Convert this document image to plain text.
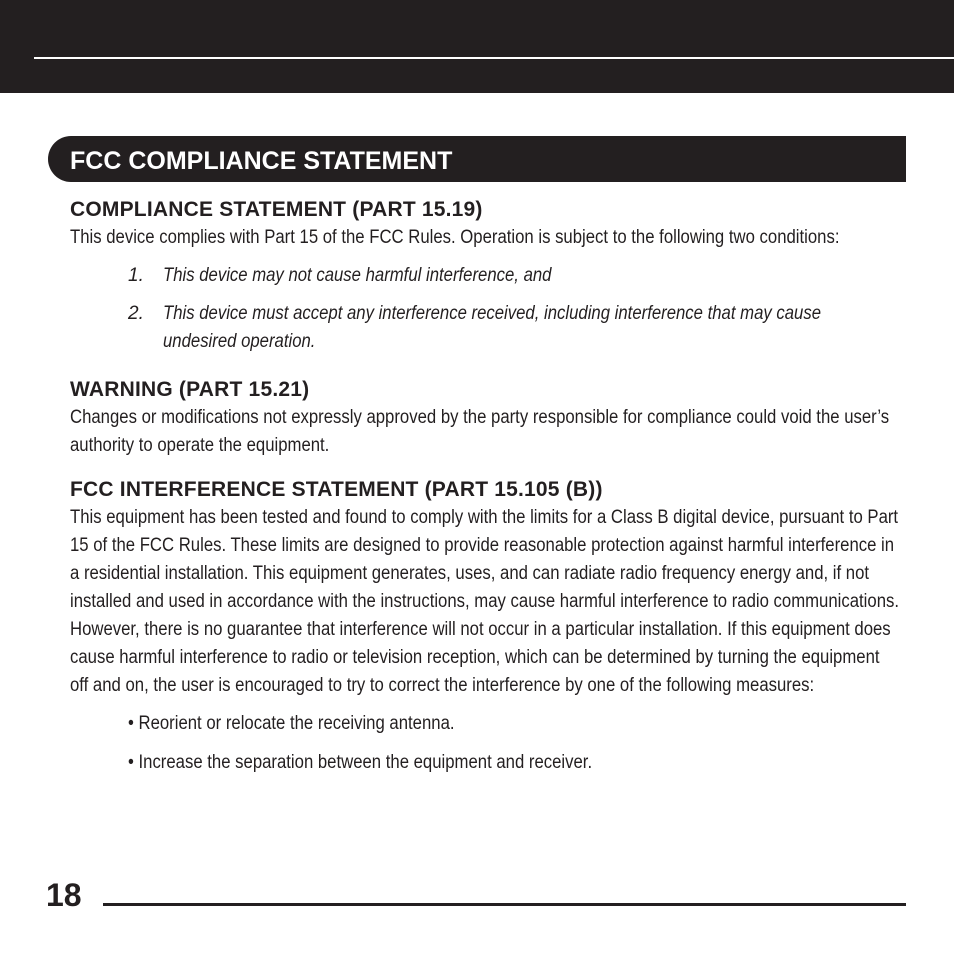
FCC COMPLIANCE STATEMENT
COMPLIANCE STATEMENT (PART 15.19)

This device complies with Part 15 of the FCC Rules. Operation is subject to the following two conditions:

1. This device may not cause harmful interference, and
2. This device must accept any interference received, including interference that may cause undesired operation.
WARNING (PART 15.21)

Changes or modifications not expressly approved by the party responsible for compliance could void the user’s authority to operate the equipment.

FCC INTERFERENCE STATEMENT (PART 15.105 (B))

This equipment has been tested and found to comply with the limits for a Class B digital device, pursuant to Part 15 of the FCC Rules. These limits are designed to provide reasonable protection against harmful interference in a residential installation. This equipment generates, uses, and can radiate radio frequency energy and, if not installed and used in accordance with the instructions, may cause harmful interference to radio communications. However, there is no guarantee that interference will not occur in a particular installation. If this equipment does cause harmful interference to radio or television reception, which can be determined by turning the equipment off and on, the user is encouraged to try to correct the interference by one of the following measures:

• Reorient or relocate the receiving antenna.
• Increase the separation between the equipment and receiver.
18
